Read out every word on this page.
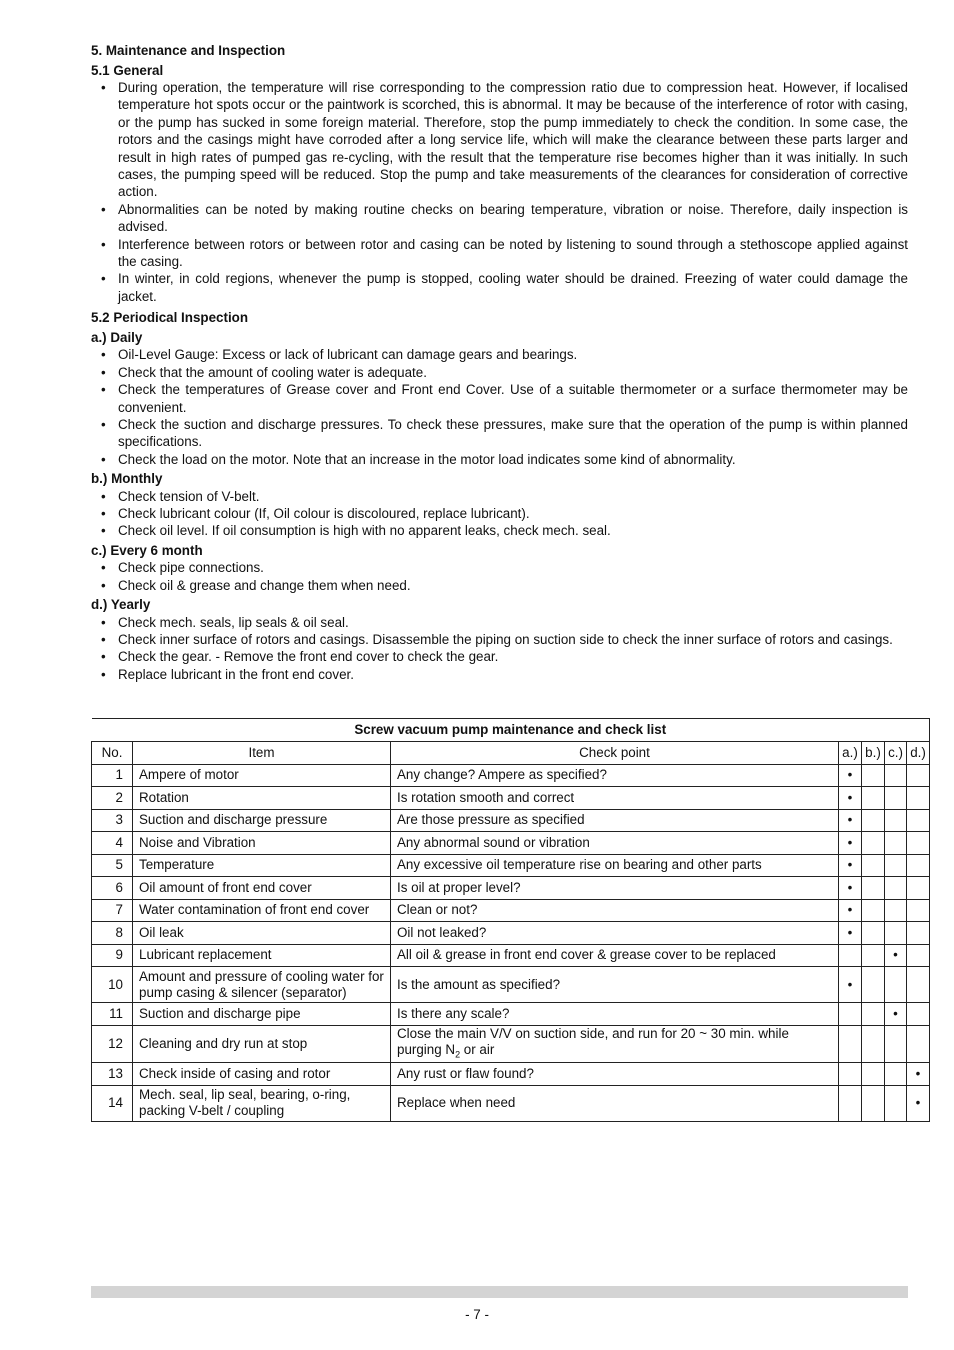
5. Maintenance and Inspection
5.1 General
• During operation, the temperature will rise corresponding to the compression ratio due to compression heat. However, if localised temperature hot spots occur or the paintwork is scorched, this is abnormal. It may be because of the interference of rotor with casing, or the pump has sucked in some foreign material. Therefore, stop the pump immediately to check the condition. In some case, the rotors and the casings might have corroded after a long service life, which will make the clearance between these parts larger and result in high rates of pumped gas re-cycling, with the result that the temperature rise becomes higher than it was initially. In such cases, the pumping speed will be reduced. Stop the pump and take measurements of the clearances for consideration of corrective action.
• Abnormalities can be noted by making routine checks on bearing temperature, vibration or noise. Therefore, daily inspection is advised.
• Interference between rotors or between rotor and casing can be noted by listening to sound through a stethoscope applied against the casing.
• In winter, in cold regions, whenever the pump is stopped, cooling water should be drained. Freezing of water could damage the jacket.
5.2 Periodical Inspection
a.) Daily
• Oil-Level Gauge: Excess or lack of lubricant can damage gears and bearings.
• Check that the amount of cooling water is adequate.
• Check the temperatures of Grease cover and Front end Cover. Use of a suitable thermometer or a surface thermometer may be convenient.
• Check the suction and discharge pressures. To check these pressures, make sure that the operation of the pump is within planned specifications.
• Check the load on the motor. Note that an increase in the motor load indicates some kind of abnormality.
b.) Monthly
• Check tension of V-belt.
• Check lubricant colour (If, Oil colour is discoloured, replace lubricant).
• Check oil level. If oil consumption is high with no apparent leaks, check mech. seal.
c.) Every 6 month
• Check pipe connections.
• Check oil & grease and change them when need.
d.) Yearly
• Check mech. seals, lip seals & oil seal.
• Check inner surface of rotors and casings. Disassemble the piping on suction side to check the inner surface of rotors and casings.
• Check the gear. - Remove the front end cover to check the gear.
• Replace lubricant in the front end cover.
Screw vacuum pump maintenance and check list						
No.	Item	Check point	a.)	b.)	c.)	d.)
1	Ampere of motor	Any change? Ampere as specified?	•			
2	Rotation	Is rotation smooth and correct	•			
3	Suction and discharge pressure	Are those pressure as specified	•			
4	Noise and Vibration	Any abnormal sound or vibration	•			
5	Temperature	Any excessive oil temperature rise on bearing and other parts	•			
6	Oil amount of front end cover	Is oil at proper level?	•			
7	Water contamination of front end cover	Clean or not?	•			
8	Oil leak	Oil not leaked?	•			
9	Lubricant replacement	All oil & grease in front end cover & grease cover to be replaced			•	
10	Amount and pressure of cooling water for pump casing & silencer (separator)	Is the amount as specified?	•			
11	Suction and discharge pipe	Is there any scale?			•	
12	Cleaning and dry run at stop	Close the main V/V on suction side, and run for 20 ~ 30 min. while purging $N_2$ or air				
13	Check inside of casing and rotor	Any rust or flaw found?				•
14	Mech. seal, lip seal, bearing, o-ring, packing V-belt / coupling	Replace when need				•
- 7 -
